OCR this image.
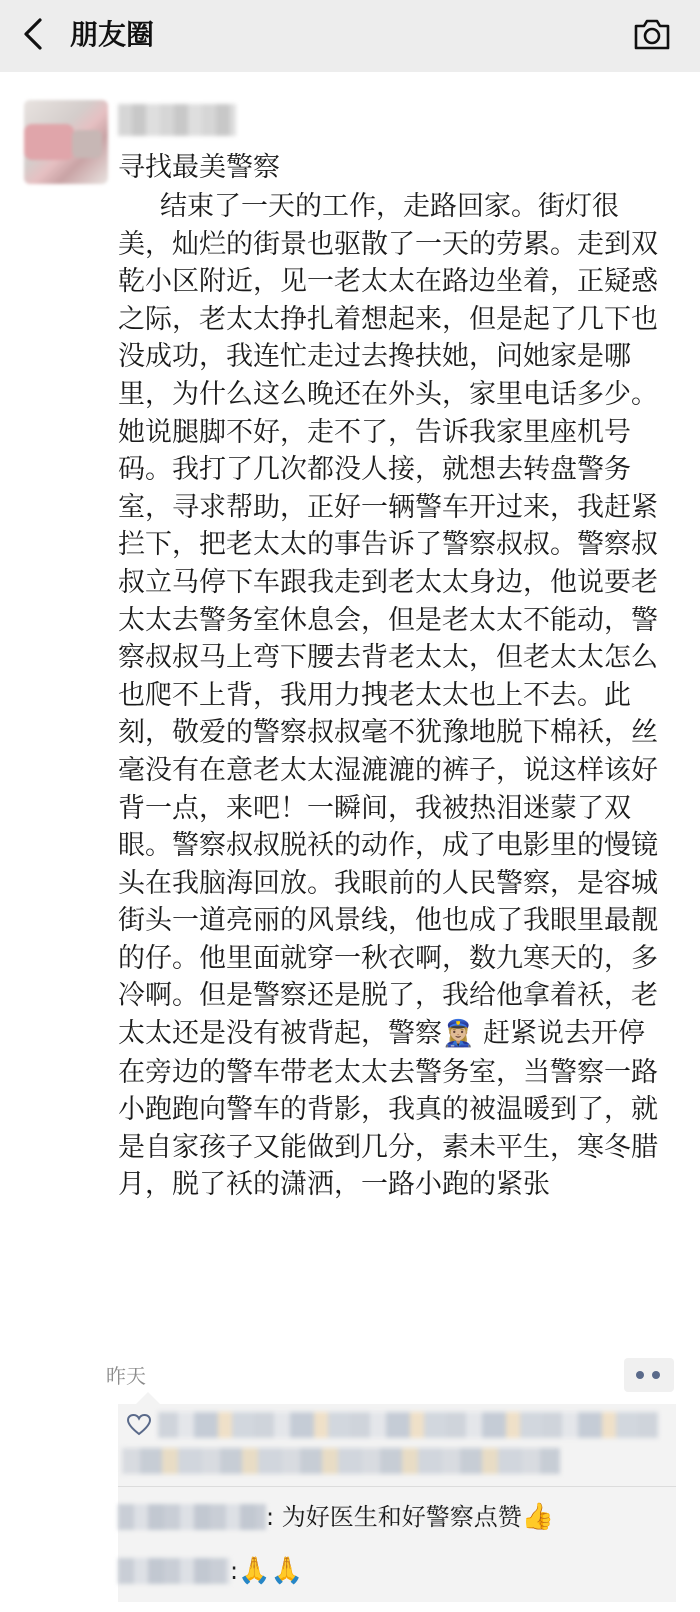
朋友圈
寻找最美警察

结束了一天的工作，走路回家。街灯很美，灿烂的街景也驱散了一天的劳累。走到双乾小区附近，见一老太太在路边坐着，正疑惑之际，老太太挣扎着想起来，但是起了几下也没成功，我连忙走过去搀扶她，问她家是哪里，为什么这么晚还在外头，家里电话多少。她说腿脚不好，走不了，告诉我家里座机号码。我打了几次都没人接，就想去转盘警务室，寻求帮助，正好一辆警车开过来，我赶紧拦下，把老太太的事告诉了警察叔叔。警察叔叔立马停下车跟我走到老太太身边，他说要老太太去警务室休息会，但是老太太不能动，警察叔叔马上弯下腰去背老太太，但老太太怎么也爬不上背，我用力拽老太太也上不去。此刻，敬爱的警察叔叔毫不犹豫地脱下棉袄，丝毫没有在意老太太湿漉漉的裤子，说这样该好背一点，来吧！一瞬间，我被热泪迷蒙了双眼。警察叔叔脱袄的动作，成了电影里的慢镜头在我脑海回放。我眼前的人民警察，是容城街头一道亮丽的风景线，他也成了我眼里最靓的仔。他里面就穿一秋衣啊，数九寒天的，多冷啊。但是警察还是脱了，我给他拿着袄，老太太还是没有被背起，警察👮🏼‍♀️ 赶紧说去开停在旁边的警车带老太太去警务室，当警察一路小跑跑向警车的背影，我真的被温暖到了，就是自家孩子又能做到几分，素未平生，寒冬腊月，脱了袄的潇洒，一路小跑的紧张

昨天
: 为好医生和好警察点赞👍
:🙏🙏
